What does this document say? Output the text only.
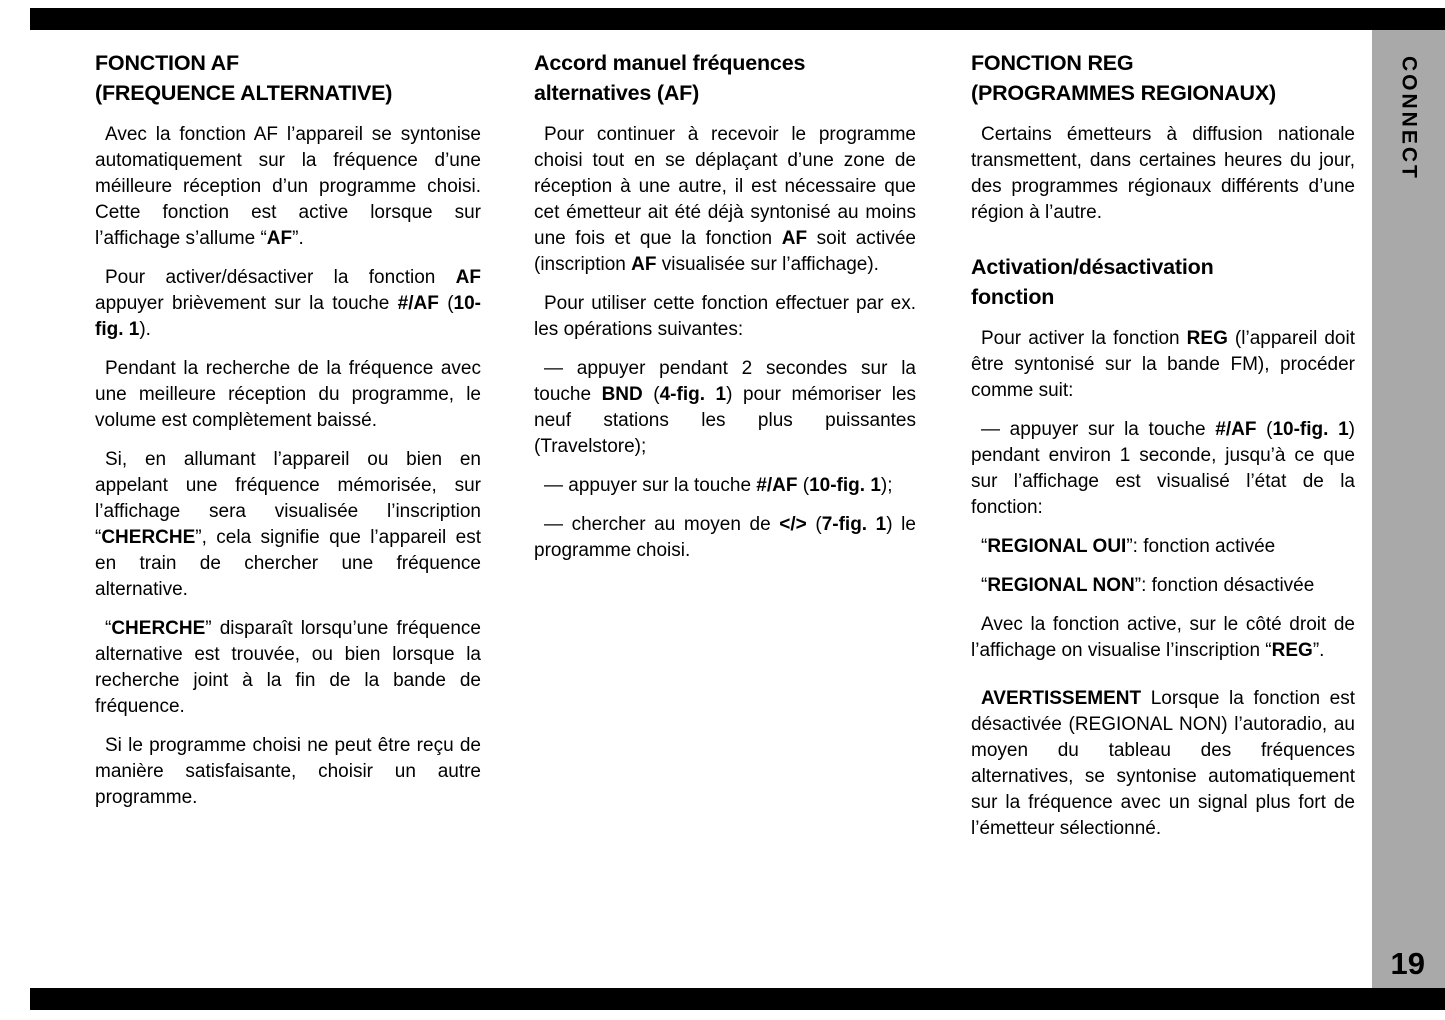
CONNECT
19
FONCTION AF
(FREQUENCE ALTERNATIVE)

Avec la fonction AF l’appareil se syntonise automatiquement sur la fréquence d’une méilleure réception d’un programme choisi. Cette fonction est active lorsque sur l’affichage s’allume “AF”.

Pour activer/désactiver la fonction AF appuyer brièvement sur la touche #/AF (10-fig. 1).

Pendant la recherche de la fréquence avec une meilleure réception du programme, le volume est complètement baissé.

Si, en allumant l’appareil ou bien en appelant une fréquence mémorisée, sur l’affichage sera visualisée l’inscription “CHERCHE”, cela signifie que l’appareil est en train de chercher une fréquence alternative.

“CHERCHE” disparaît lorsqu’une fréquence alternative est trouvée, ou bien lorsque la recherche joint à la fin de la bande de fréquence.

Si le programme choisi ne peut être reçu de manière satisfaisante, choisir un autre programme.

Accord manuel fréquences
alternatives (AF)

Pour continuer à recevoir le programme choisi tout en se déplaçant d’une zone de réception à une autre, il est nécessaire que cet émetteur ait été déjà syntonisé au moins une fois et que la fonction AF soit activée (inscription AF visualisée sur l’affichage).

Pour utiliser cette fonction effectuer par ex. les opérations suivantes:

— appuyer pendant 2 secondes sur la touche BND (4-fig. 1) pour mémoriser les neuf stations les plus puissantes (Travelstore);

— appuyer sur la touche #/AF (10-fig. 1);

— chercher au moyen de </> (7-fig. 1) le programme choisi.

FONCTION REG
(PROGRAMMES REGIONAUX)

Certains émetteurs à diffusion nationale transmettent, dans certaines heures du jour, des programmes régionaux différents d’une région à l’autre.

Activation/désactivation
fonction

Pour activer la fonction REG (l’appareil doit être syntonisé sur la bande FM), procéder comme suit:

— appuyer sur la touche #/AF (10-fig. 1) pendant environ 1 seconde, jusqu’à ce que sur l’affichage est visualisé l’état de la fonction:

“REGIONAL OUI”: fonction activée

“REGIONAL NON”: fonction désactivée

Avec la fonction active, sur le côté droit de l’affichage on visualise l’inscription “REG”.

AVERTISSEMENT Lorsque la fonction est désactivée (REGIONAL NON) l’autoradio, au moyen du tableau des fréquences alternatives, se syntonise automatiquement sur la fréquence avec un signal plus fort de l’émetteur sélectionné.
